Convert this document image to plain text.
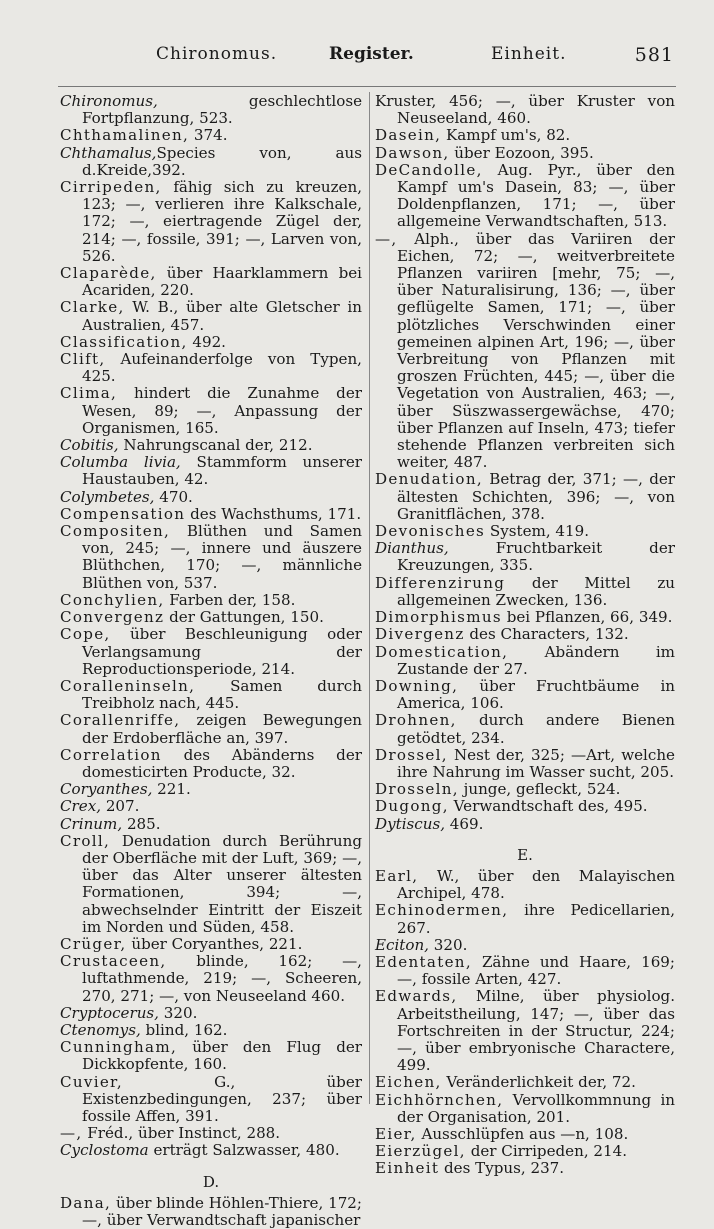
Chironomus.	Register.	Einheit.	581

Chironomus, geschlechtlose Fortpflanzung, 523.

Chthamalinen, 374.

Chthamalus,Species von, aus d.Kreide,392.

Cirripeden, fähig sich zu kreuzen, 123; —, verlieren ihre Kalkschale, 172; —, eiertragende Zügel der, 214; —, fossile, 391; —, Larven von, 526.

Claparède, über Haarklammern bei Acariden, 220.

Clarke, W. B., über alte Gletscher in Australien, 457.

Classification, 492.

Clift, Aufeinanderfolge von Typen, 425.

Clima, hindert die Zunahme der Wesen, 89; —, Anpassung der Organismen, 165.

Cobitis, Nahrungscanal der, 212.

Columba livia, Stammform unserer Haustauben, 42.

Colymbetes, 470.

Compensation des Wachsthums, 171.

Compositen, Blüthen und Samen von, 245; —, innere und äuszere Blüthchen, 170; —, männliche Blüthen von, 537.

Conchylien, Farben der, 158.

Convergenz der Gattungen, 150.

Cope, über Beschleunigung oder Verlangsamung der Reproductionsperiode, 214.

Coralleninseln, Samen durch Treibholz nach, 445.

Corallenriffe, zeigen Bewegungen der Erdoberfläche an, 397.

Correlation des Abänderns der domesticirten Producte, 32.

Coryanthes, 221.

Crex, 207.

Crinum, 285.

Croll, Denudation durch Berührung der Oberfläche mit der Luft, 369; —, über das Alter unserer ältesten Formationen, 394; —, abwechselnder Eintritt der Eiszeit im Norden und Süden, 458.

Crüger, über Coryanthes, 221.

Crustaceen, blinde, 162; —, luftathmende, 219; —, Scheeren, 270, 271; —, von Neuseeland 460.

Cryptocerus, 320.

Ctenomys, blind, 162.

Cunningham, über den Flug der Dickkopfente, 160.

Cuvier, G., über Existenzbedingungen, 237; über fossile Affen, 391.

—, Fréd., über Instinct, 288.

Cyclostoma erträgt Salzwasser, 480.

D.

Dana, über blinde Höhlen-Thiere, 172; —, über Verwandtschaft japanischer

Kruster, 456; —, über Kruster von Neuseeland, 460.

Dasein, Kampf um's, 82.

Dawson, über Eozoon, 395.

DeCandolle, Aug. Pyr., über den Kampf um's Dasein, 83; —, über Doldenpflanzen, 171; —, über allgemeine Verwandtschaften, 513.

—, Alph., über das Variiren der Eichen, 72; —, weitverbreitete Pflanzen variiren [mehr, 75; —, über Naturalisirung, 136; —, über geflügelte Samen, 171; —, über plötzliches Verschwinden einer gemeinen alpinen Art, 196; —, über Verbreitung von Pflanzen mit groszen Früchten, 445; —, über die Vegetation von Australien, 463; —, über Süszwassergewächse, 470; über Pflanzen auf Inseln, 473; tiefer stehende Pflanzen verbreiten sich weiter, 487.

Denudation, Betrag der, 371; —, der ältesten Schichten, 396; —, von Granitflächen, 378.

Devonisches System, 419.

Dianthus, Fruchtbarkeit der Kreuzungen, 335.

Differenzirung der Mittel zu allgemeinen Zwecken, 136.

Dimorphismus bei Pflanzen, 66, 349.

Divergenz des Characters, 132.

Domestication, Abändern im Zustande der 27.

Downing, über Fruchtbäume in America, 106.

Drohnen, durch andere Bienen getödtet, 234.

Drossel, Nest der, 325; —Art, welche ihre Nahrung im Wasser sucht, 205.

Drosseln, junge, gefleckt, 524.

Dugong, Verwandtschaft des, 495.

Dytiscus, 469.

E.

Earl, W., über den Malayischen Archipel, 478.

Echinodermen, ihre Pedicellarien, 267.

Eciton, 320.

Edentaten, Zähne und Haare, 169; —, fossile Arten, 427.

Edwards, Milne, über physiolog. Arbeitstheilung, 147; —, über das Fortschreiten in der Structur, 224; —, über embryonische Charactere, 499.

Eichen, Veränderlichkeit der, 72.

Eichhörnchen, Vervollkommnung in der Organisation, 201.

Eier, Ausschlüpfen aus —n, 108.

Eierzügel, der Cirripeden, 214.

Einheit des Typus, 237.
